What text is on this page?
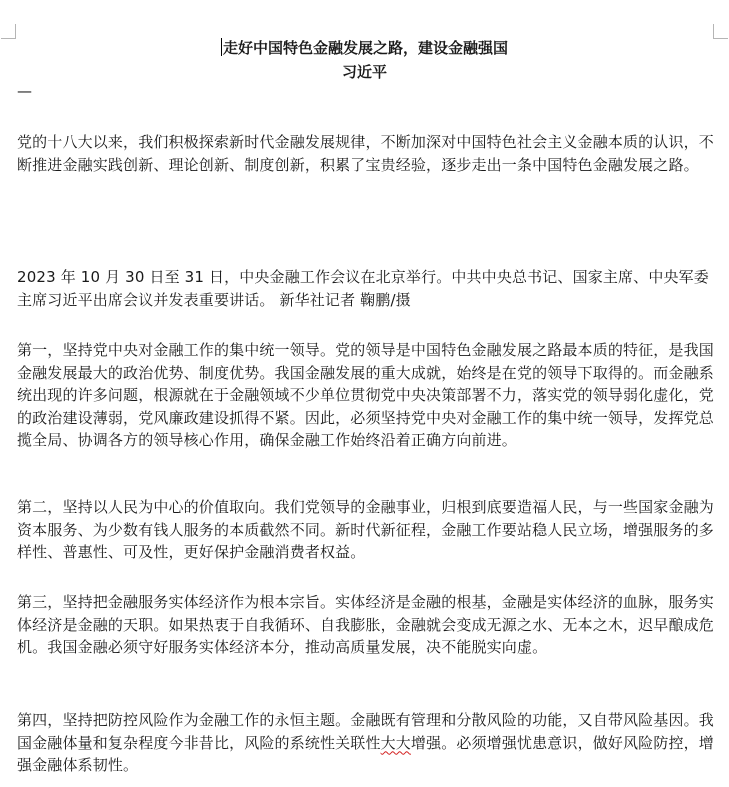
走好中国特色金融发展之路，建设金融强国
习近平
—

党的十八大以来，我们积极探索新时代金融发展规律，不断加深对中国特色社会主义金融本质的认识，不断推进金融实践创新、理论创新、制度创新，积累了宝贵经验，逐步走出一条中国特色金融发展之路。

2023 年 10 月 30 日至 31 日，中央金融工作会议在北京举行。中共中央总书记、国家主席、中央军委主席习近平出席会议并发表重要讲话。 新华社记者 鞠鹏/摄

第一，坚持党中央对金融工作的集中统一领导。党的领导是中国特色金融发展之路最本质的特征，是我国金融发展最大的政治优势、制度优势。我国金融发展的重大成就，始终是在党的领导下取得的。而金融系统出现的许多问题，根源就在于金融领域不少单位贯彻党中央决策部署不力，落实党的领导弱化虚化，党的政治建设薄弱，党风廉政建设抓得不紧。因此，必须坚持党中央对金融工作的集中统一领导，发挥党总揽全局、协调各方的领导核心作用，确保金融工作始终沿着正确方向前进。

第二，坚持以人民为中心的价值取向。我们党领导的金融事业，归根到底要造福人民，与一些国家金融为资本服务、为少数有钱人服务的本质截然不同。新时代新征程，金融工作要站稳人民立场，增强服务的多样性、普惠性、可及性，更好保护金融消费者权益。

第三，坚持把金融服务实体经济作为根本宗旨。实体经济是金融的根基，金融是实体经济的血脉，服务实体经济是金融的天职。如果热衷于自我循环、自我膨胀，金融就会变成无源之水、无本之木，迟早酿成危机。我国金融必须守好服务实体经济本分，推动高质量发展，决不能脱实向虚。

第四，坚持把防控风险作为金融工作的永恒主题。金融既有管理和分散风险的功能，又自带风险基因。我国金融体量和复杂程度今非昔比，风险的系统性关联性大大增强。必须增强忧患意识，做好风险防控，增强金融体系韧性。
